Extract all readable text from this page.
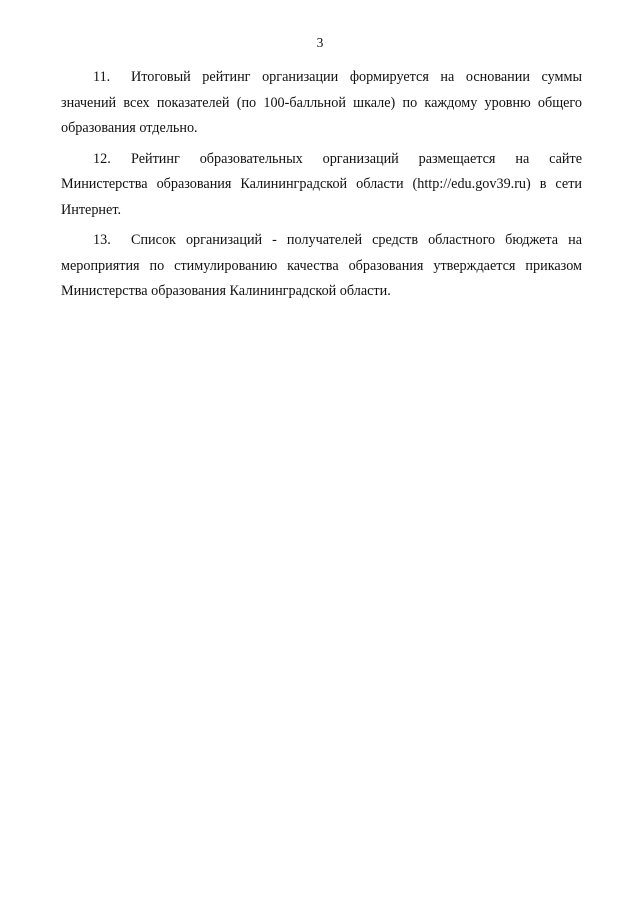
3

11. Итоговый рейтинг организации формируется на основании суммы значений всех показателей (по 100-балльной шкале) по каждому уровню общего образования отдельно.

12. Рейтинг образовательных организаций размещается на сайте Министерства образования Калининградской области (http://edu.gov39.ru) в сети Интернет.

13. Список организаций - получателей средств областного бюджета на мероприятия по стимулированию качества образования утверждается приказом Министерства образования Калининградской области.
